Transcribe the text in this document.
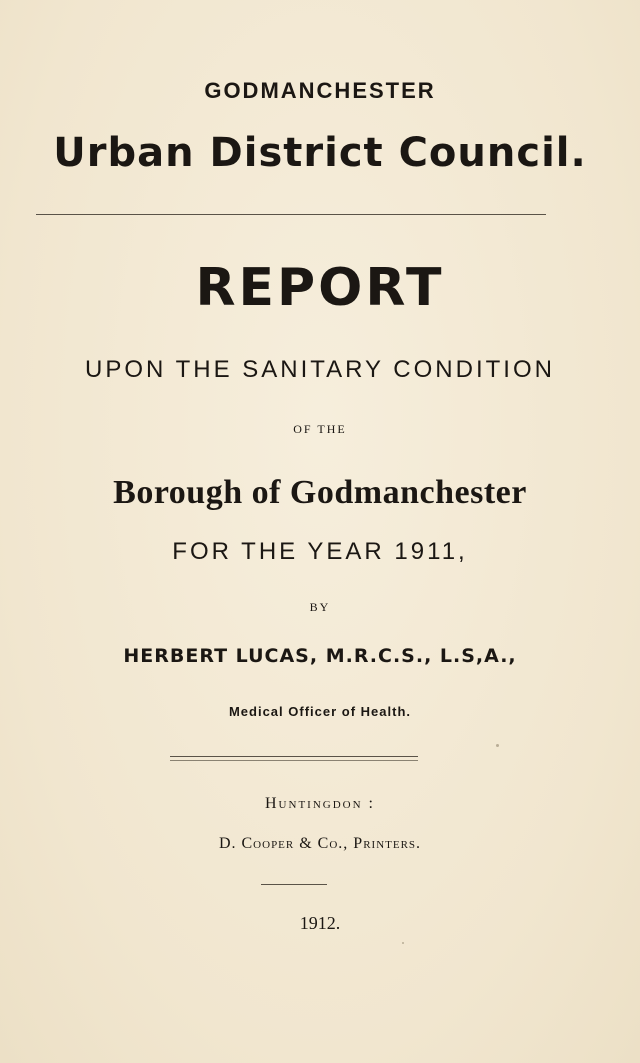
GODMANCHESTER
Urban District Council.
REPORT
UPON THE SANITARY CONDITION
OF THE
Borough of Godmanchester
FOR THE YEAR 1911,
BY
HERBERT LUCAS, M.R.C.S., L.S,A.,
Medical Officer of Health.
Huntingdon :
D. Cooper & Co., Printers.
1912.
